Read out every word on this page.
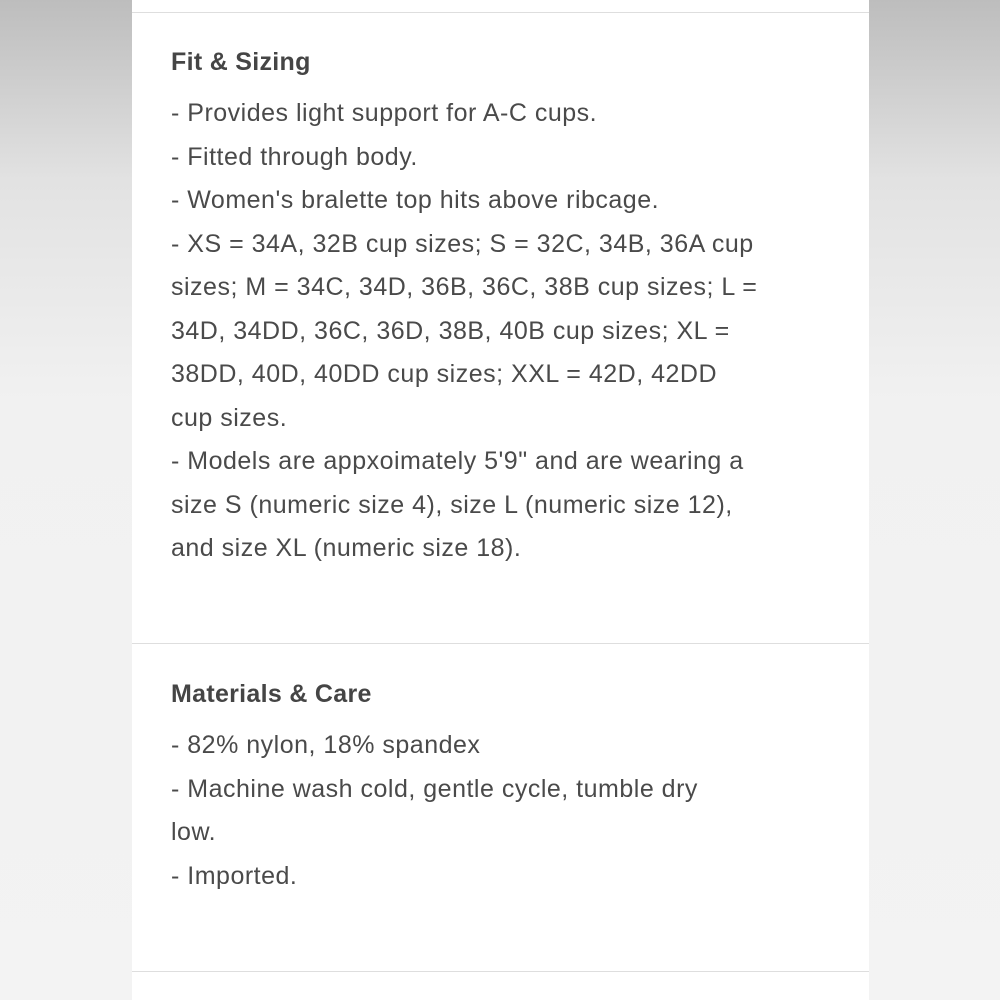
Fit & Sizing
- Provides light support for A-C cups.
- Fitted through body.
- Women's bralette top hits above ribcage.
- XS = 34A, 32B cup sizes; S = 32C, 34B, 36A cup
sizes; M = 34C, 34D, 36B, 36C, 38B cup sizes; L =
34D, 34DD, 36C, 36D, 38B, 40B cup sizes; XL =
38DD, 40D, 40DD cup sizes; XXL = 42D, 42DD
cup sizes.
- Models are appxoimately 5'9" and are wearing a
size S (numeric size 4), size L (numeric size 12),
and size XL (numeric size 18).
Materials & Care
- 82% nylon, 18% spandex
- Machine wash cold, gentle cycle, tumble dry
low.
- Imported.
